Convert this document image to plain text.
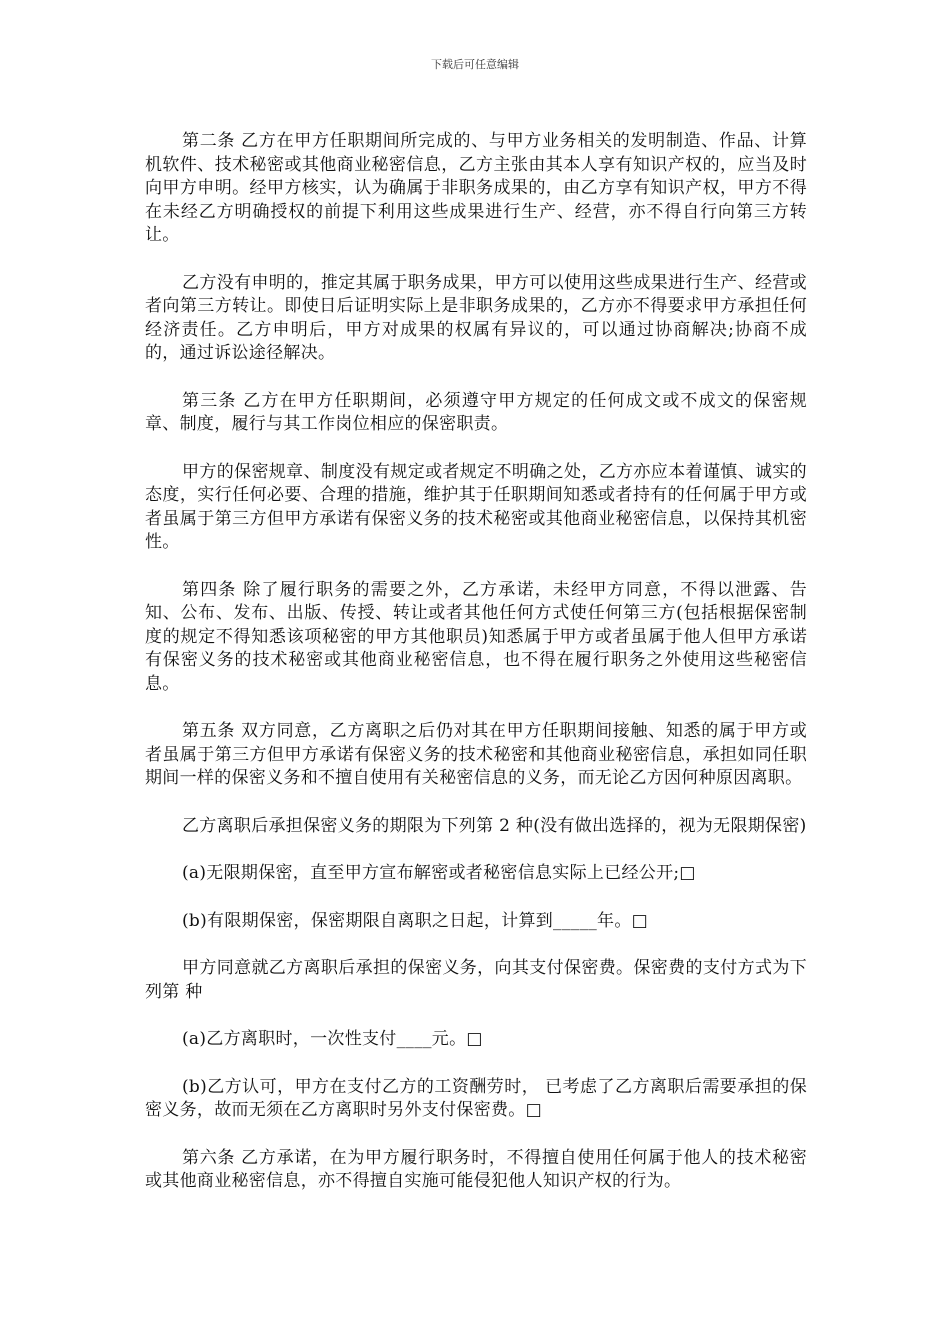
下载后可任意编辑

第二条 乙方在甲方任职期间所完成的、与甲方业务相关的发明制造、作品、计算机软件、技术秘密或其他商业秘密信息，乙方主张由其本人享有知识产权的，应当及时向甲方申明。经甲方核实，认为确属于非职务成果的，由乙方享有知识产权，甲方不得在未经乙方明确授权的前提下利用这些成果进行生产、经营，亦不得自行向第三方转让。

乙方没有申明的，推定其属于职务成果，甲方可以使用这些成果进行生产、经营或者向第三方转让。即使日后证明实际上是非职务成果的，乙方亦不得要求甲方承担任何经济责任。乙方申明后，甲方对成果的权属有异议的，可以通过协商解决;协商不成的，通过诉讼途径解决。

第三条 乙方在甲方任职期间，必须遵守甲方规定的任何成文或不成文的保密规章、制度，履行与其工作岗位相应的保密职责。

甲方的保密规章、制度没有规定或者规定不明确之处，乙方亦应本着谨慎、诚实的态度，实行任何必要、合理的措施，维护其于任职期间知悉或者持有的任何属于甲方或者虽属于第三方但甲方承诺有保密义务的技术秘密或其他商业秘密信息，以保持其机密性。

第四条 除了履行职务的需要之外，乙方承诺，未经甲方同意，不得以泄露、告知、公布、发布、出版、传授、转让或者其他任何方式使任何第三方(包括根据保密制度的规定不得知悉该项秘密的甲方其他职员)知悉属于甲方或者虽属于他人但甲方承诺有保密义务的技术秘密或其他商业秘密信息，也不得在履行职务之外使用这些秘密信息。

第五条 双方同意，乙方离职之后仍对其在甲方任职期间接触、知悉的属于甲方或者虽属于第三方但甲方承诺有保密义务的技术秘密和其他商业秘密信息，承担如同任职期间一样的保密义务和不擅自使用有关秘密信息的义务，而无论乙方因何种原因离职。

乙方离职后承担保密义务的期限为下列第 2 种(没有做出选择的，视为无限期保密)

(a)无限期保密，直至甲方宣布解密或者秘密信息实际上已经公开;□

(b)有限期保密，保密期限自离职之日起，计算到_____年。□

甲方同意就乙方离职后承担的保密义务，向其支付保密费。保密费的支付方式为下列第 种

(a)乙方离职时，一次性支付____元。□

(b)乙方认可，甲方在支付乙方的工资酬劳时， 已考虑了乙方离职后需要承担的保密义务，故而无须在乙方离职时另外支付保密费。□

第六条 乙方承诺，在为甲方履行职务时，不得擅自使用任何属于他人的技术秘密或其他商业秘密信息，亦不得擅自实施可能侵犯他人知识产权的行为。
